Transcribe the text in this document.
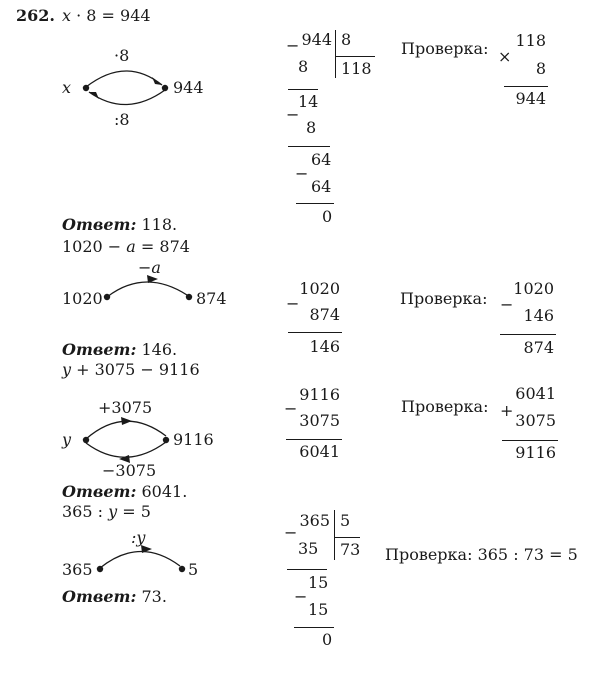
262. x · 8 = 944
x	944
·8
:8
− 944 8
118
8
14
−
8
64
−
64
0
Проверка: ×
118
8
944
Ответ: 118.
1020 − a = 874
1020	874
−a
−
1020
874
146
Проверка: −
1020
146
874
Ответ: 146.
y + 3075 − 9116
y	9116
+3075
−3075
−
9116
3075
6041
Проверка: +
6041
3075
9116
Ответ: 6041.
365 : y = 5
365	5
:y	−
365 5
73
35
15
−
15
0
Проверка: 365 : 73 = 5
Ответ: 73.
